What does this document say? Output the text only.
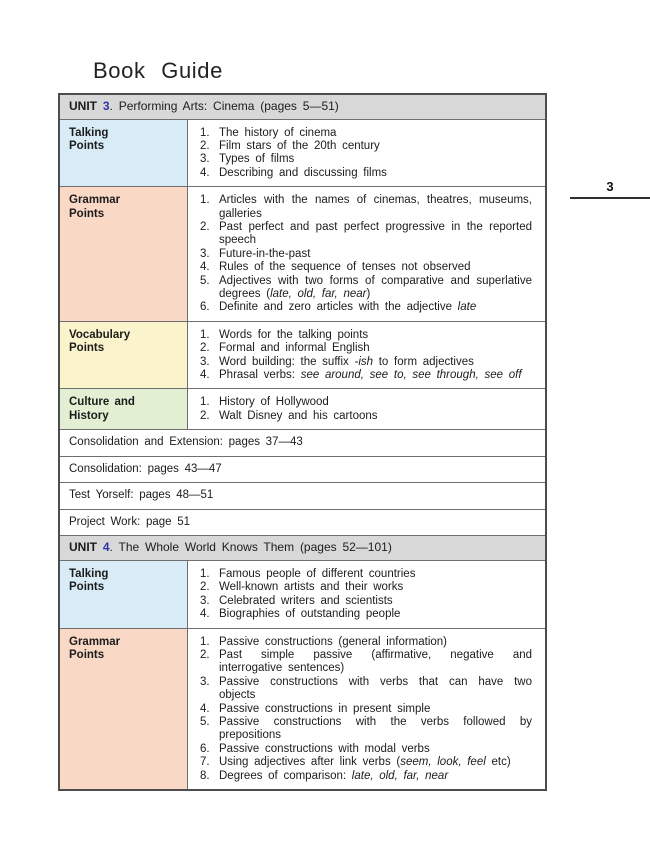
Book Guide
3
UNIT 3. Performing Arts: Cinema (pages 5—51)
Talking
Points
1. The history of cinema
2. Film stars of the 20th century
3. Types of films
4. Describing and discussing films
Grammar
Points
1. Articles with the names of cinemas, theatres, museums, galleries
2. Past perfect and past perfect progressive in the reported speech
3. Future-in-the-past
4. Rules of the sequence of tenses not observed
5. Adjectives with two forms of comparative and superlative degrees (late, old, far, near)
6. Definite and zero articles with the adjective late
Vocabulary
Points
1. Words for the talking points
2. Formal and informal English
3. Word building: the suffix -ish to form adjectives
4. Phrasal verbs: see around, see to, see through, see off
Culture and
History
1. History of Hollywood
2. Walt Disney and his cartoons
Consolidation and Extension: pages 37—43
Consolidation: pages 43—47
Test Yorself: pages 48—51
Project Work: page 51
UNIT 4. The Whole World Knows Them (pages 52—101)
Talking
Points
1. Famous people of different countries
2. Well-known artists and their works
3. Celebrated writers and scientists
4. Biographies of outstanding people
Grammar
Points
1. Passive constructions (general information)
2. Past simple passive (affirmative, negative and interrogative sentences)
3. Passive constructions with verbs that can have two objects
4. Passive constructions in present simple
5. Passive constructions with the verbs followed by prepositions
6. Passive constructions with modal verbs
7. Using adjectives after link verbs (seem, look, feel etc)
8. Degrees of comparison: late, old, far, near
